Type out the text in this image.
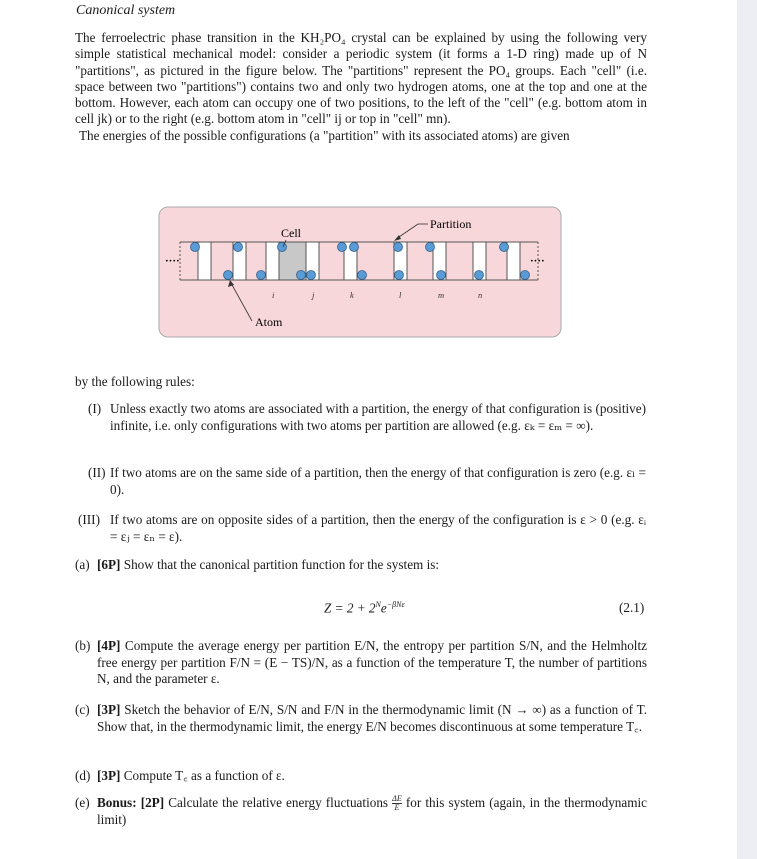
Canonical system

The ferroelectric phase transition in the KH₂PO₄ crystal can be explained by using the following very simple statistical mechanical model: consider a periodic system (it forms a 1-D ring) made up of N "partitions", as pictured in the figure below. The "partitions" represent the PO₄ groups. Each "cell" (i.e. space between two "partitions") contains two and only two hydrogen atoms, one at the top and one at the bottom. However, each atom can occupy one of two positions, to the left of the "cell" (e.g. bottom atom in cell jk) or to the right (e.g. bottom atom in "cell" ij or top in "cell" mn).

The energies of the possible configurations (a "partition" with its associated atoms) are given

····	····
Cell
Partition
Atom
i	j	k	l	m	n
by the following rules:
(I) Unless exactly two atoms are associated with a partition, the energy of that configuration is (positive) infinite, i.e. only configurations with two atoms per partition are allowed (e.g. εₖ = εₘ = ∞).
(II) If two atoms are on the same side of a partition, then the energy of that configuration is zero (e.g. εₗ = 0).
(III) If two atoms are on opposite sides of a partition, then the energy of the configuration is ε > 0 (e.g. εᵢ = εⱼ = εₙ = ε).
(a) [6P] Show that the canonical partition function for the system is:
$Z = 2 + 2^Ne^{-\beta N\varepsilon}$	(2.1)
(b) [4P] Compute the average energy per partition E/N, the entropy per partition S/N, and the Helmholtz free energy per partition F/N = (E − TS)/N, as a function of the temperature T, the number of partitions N, and the parameter ε.
(c) [3P] Sketch the behavior of E/N, S/N and F/N in the thermodynamic limit (N → ∞) as a function of T. Show that, in the thermodynamic limit, the energy E/N becomes discontinuous at some temperature T꜀.
(d) [3P] Compute T꜀ as a function of ε.
(e) Bonus: [2P] Calculate the relative energy fluctuations $\frac{\Delta E}{E}$ for this system (again, in the thermodynamic limit)
